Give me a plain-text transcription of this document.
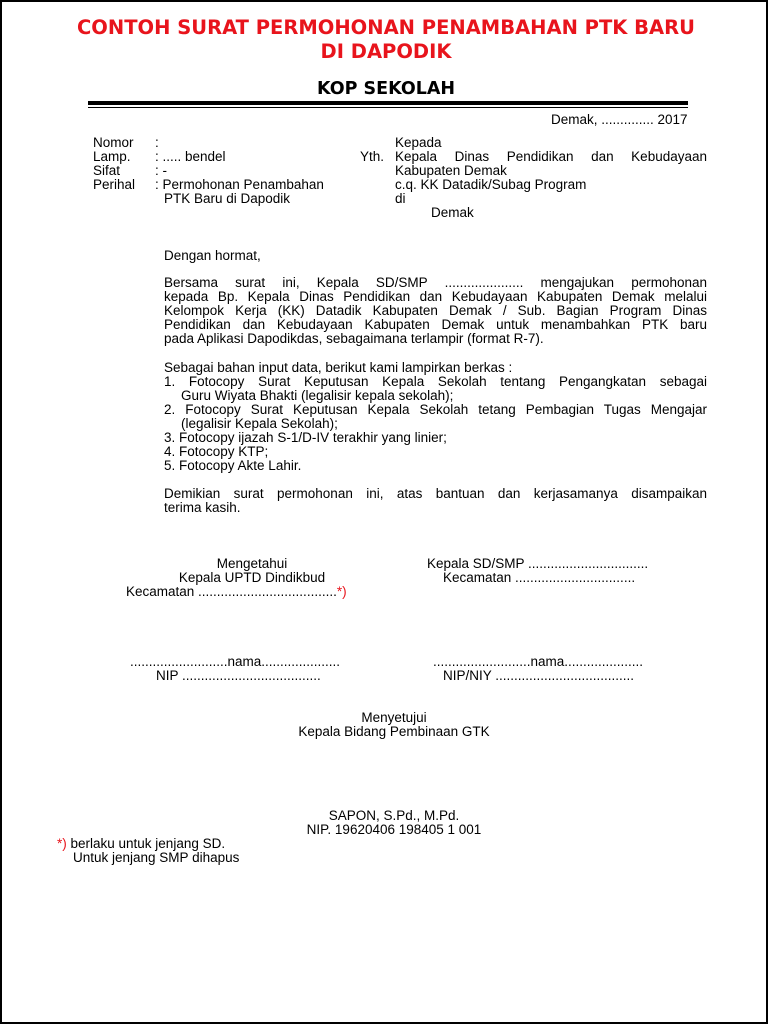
CONTOH SURAT PERMOHONAN PENAMBAHAN PTK BARU
DI DAPODIK
KOP SEKOLAH
Demak, .............. 2017
Nomor :
Lamp. : ..... bendel
Sifat	: -
Perihal : Permohonan Penambahan
PTK Baru di Dapodik
Kepada
Yth. Kepala Dinas Pendidikan dan Kebudayaan
Kabupaten Demak
c.q. KK Datadik/Subag Program
di
Demak
Dengan hormat,
Bersama surat ini, Kepala SD/SMP ..................... mengajukan permohonan
kepada Bp. Kepala Dinas Pendidikan dan Kebudayaan Kabupaten Demak melalui
Kelompok Kerja (KK) Datadik Kabupaten Demak / Sub. Bagian Program Dinas
Pendidikan dan Kebudayaan Kabupaten Demak untuk menambahkan PTK baru
pada Aplikasi Dapodikdas, sebagaimana terlampir (format R-7).
Sebagai bahan input data, berikut kami lampirkan berkas :
1. Fotocopy Surat Keputusan Kepala Sekolah tentang Pengangkatan sebagai
Guru Wiyata Bhakti (legalisir kepala sekolah);
2. Fotocopy Surat Keputusan Kepala Sekolah tetang Pembagian Tugas Mengajar
(legalisir Kepala Sekolah);
3. Fotocopy ijazah S-1/D-IV terakhir yang linier;
4. Fotocopy KTP;
5. Fotocopy Akte Lahir.
Demikian surat permohonan ini, atas bantuan dan kerjasamanya disampaikan
terima kasih.
Mengetahui
Kepala UPTD Dindikbud
Kecamatan .....................................*)
..........................nama.....................
NIP .....................................
Kepala SD/SMP ................................
Kecamatan ................................
..........................nama.....................
NIP/NIY .....................................
Menyetujui
Kepala Bidang Pembinaan GTK
SAPON, S.Pd., M.Pd.
NIP. 19620406 198405 1 001
*) berlaku untuk jenjang SD.
Untuk jenjang SMP dihapus
